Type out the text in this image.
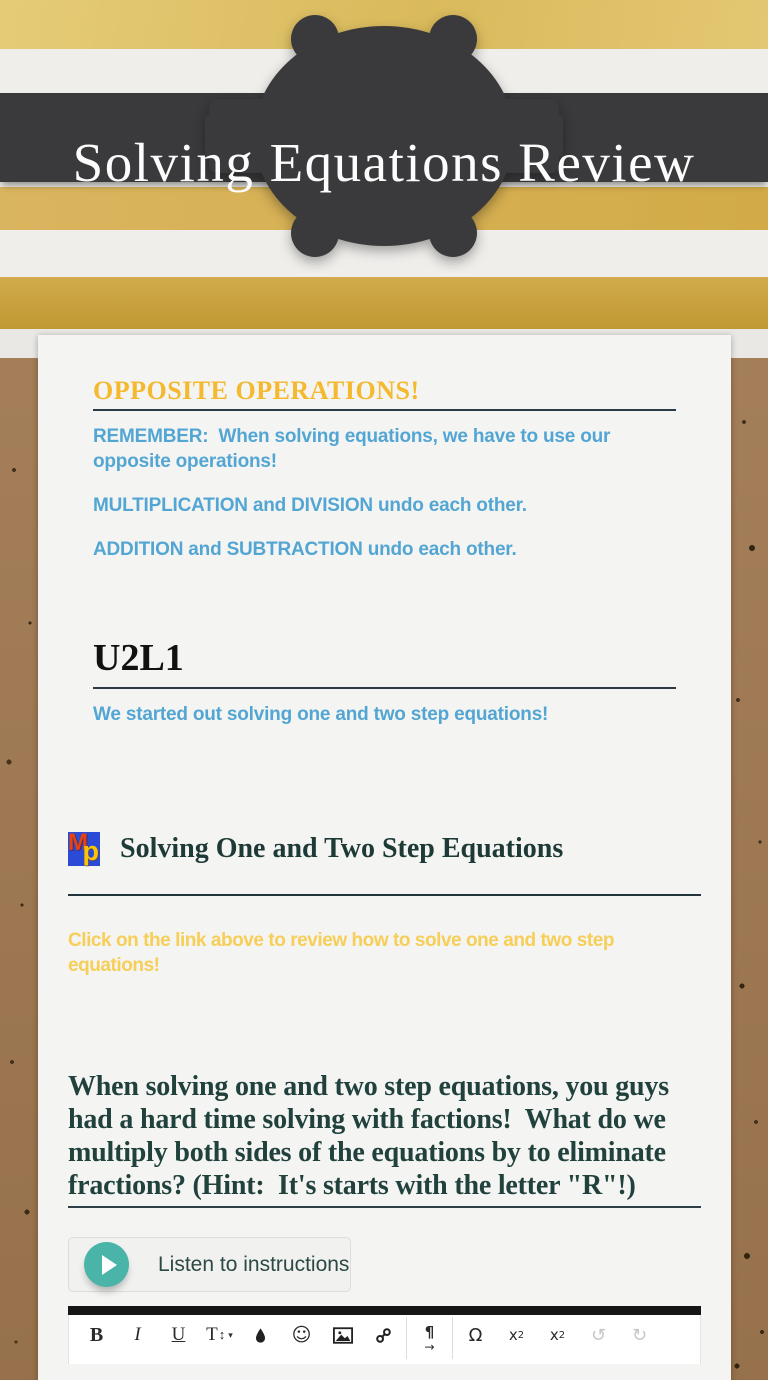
Solving Equations Review
OPPOSITE OPERATIONS!

REMEMBER:  When solving equations, we have to use our opposite operations!

MULTIPLICATION and DIVISION undo each other.

ADDITION and SUBTRACTION undo each other.

U2L1

We started out solving one and two step equations!

M
p Solving One and Two Step Equations

Click on the link above to review how to solve one and two step equations!

When solving one and two step equations, you guys had a hard time solving with factions!  What do we multiply both sides of the equations by to eliminate fractions? (Hint:  It's starts with the letter "R"!)

Listen to instructions
B	I	U	T ↕ ▾	☺	¶
→
Ω	x 2 x 2	↺	↻
